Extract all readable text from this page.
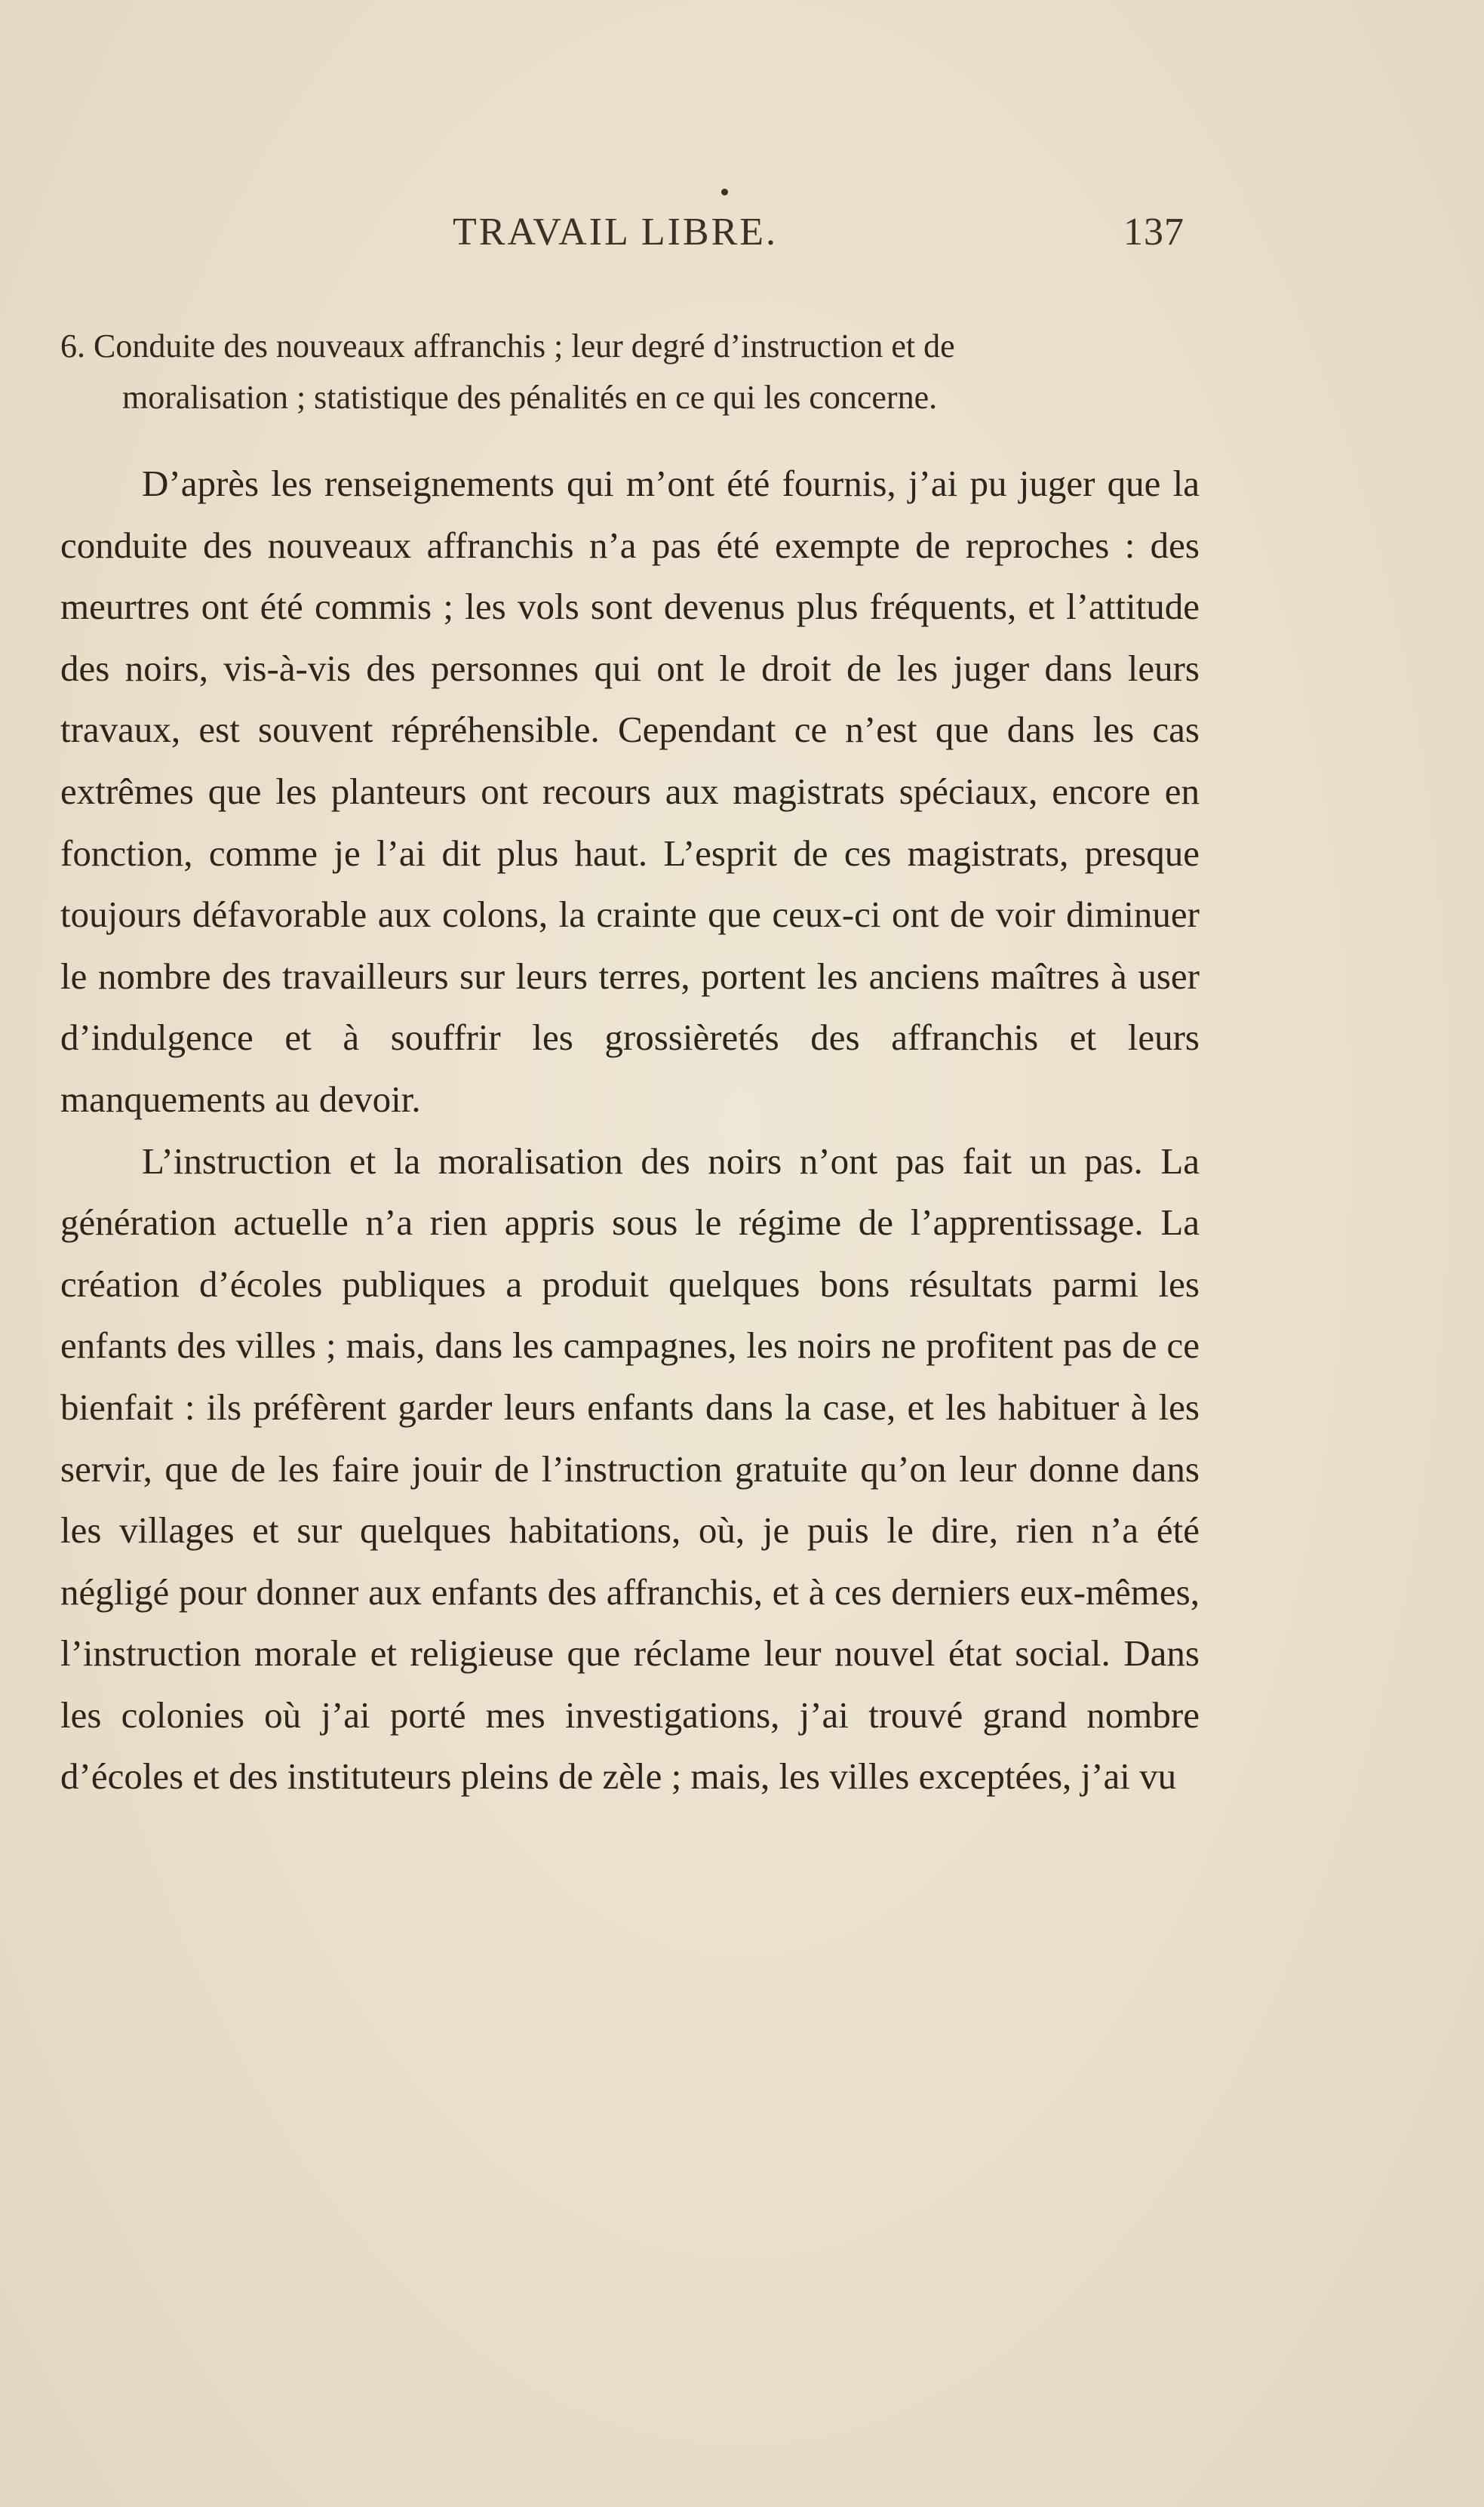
TRAVAIL LIBRE.	137
6. Conduite des nouveaux affranchis ; leur degré d’instruction et de
moralisation ; statistique des pénalités en ce qui les concerne.

D’après les renseignements qui m’ont été fournis, j’ai pu juger que la conduite des nouveaux affranchis n’a pas été exempte de reproches : des meurtres ont été commis ; les vols sont devenus plus fréquents, et l’attitude des noirs, vis-à-vis des personnes qui ont le droit de les juger dans leurs travaux, est souvent répréhensible. Cependant ce n’est que dans les cas extrêmes que les planteurs ont recours aux magistrats spéciaux, encore en fonction, comme je l’ai dit plus haut. L’esprit de ces magistrats, presque toujours défavorable aux colons, la crainte que ceux-ci ont de voir diminuer le nombre des travailleurs sur leurs terres, portent les anciens maîtres à user d’indulgence et à souffrir les grossièretés des affranchis et leurs manquements au devoir.

L’instruction et la moralisation des noirs n’ont pas fait un pas. La génération actuelle n’a rien appris sous le régime de l’apprentissage. La création d’écoles publiques a produit quelques bons résultats parmi les enfants des villes ; mais, dans les campagnes, les noirs ne profitent pas de ce bienfait : ils préfèrent garder leurs enfants dans la case, et les habituer à les servir, que de les faire jouir de l’instruction gratuite qu’on leur donne dans les villages et sur quelques habitations, où, je puis le dire, rien n’a été négligé pour donner aux enfants des affranchis, et à ces derniers eux-mêmes, l’instruction morale et religieuse que réclame leur nouvel état social. Dans les colonies où j’ai porté mes investigations, j’ai trouvé grand nombre d’écoles et des instituteurs pleins de zèle ; mais, les villes exceptées, j’ai vu
